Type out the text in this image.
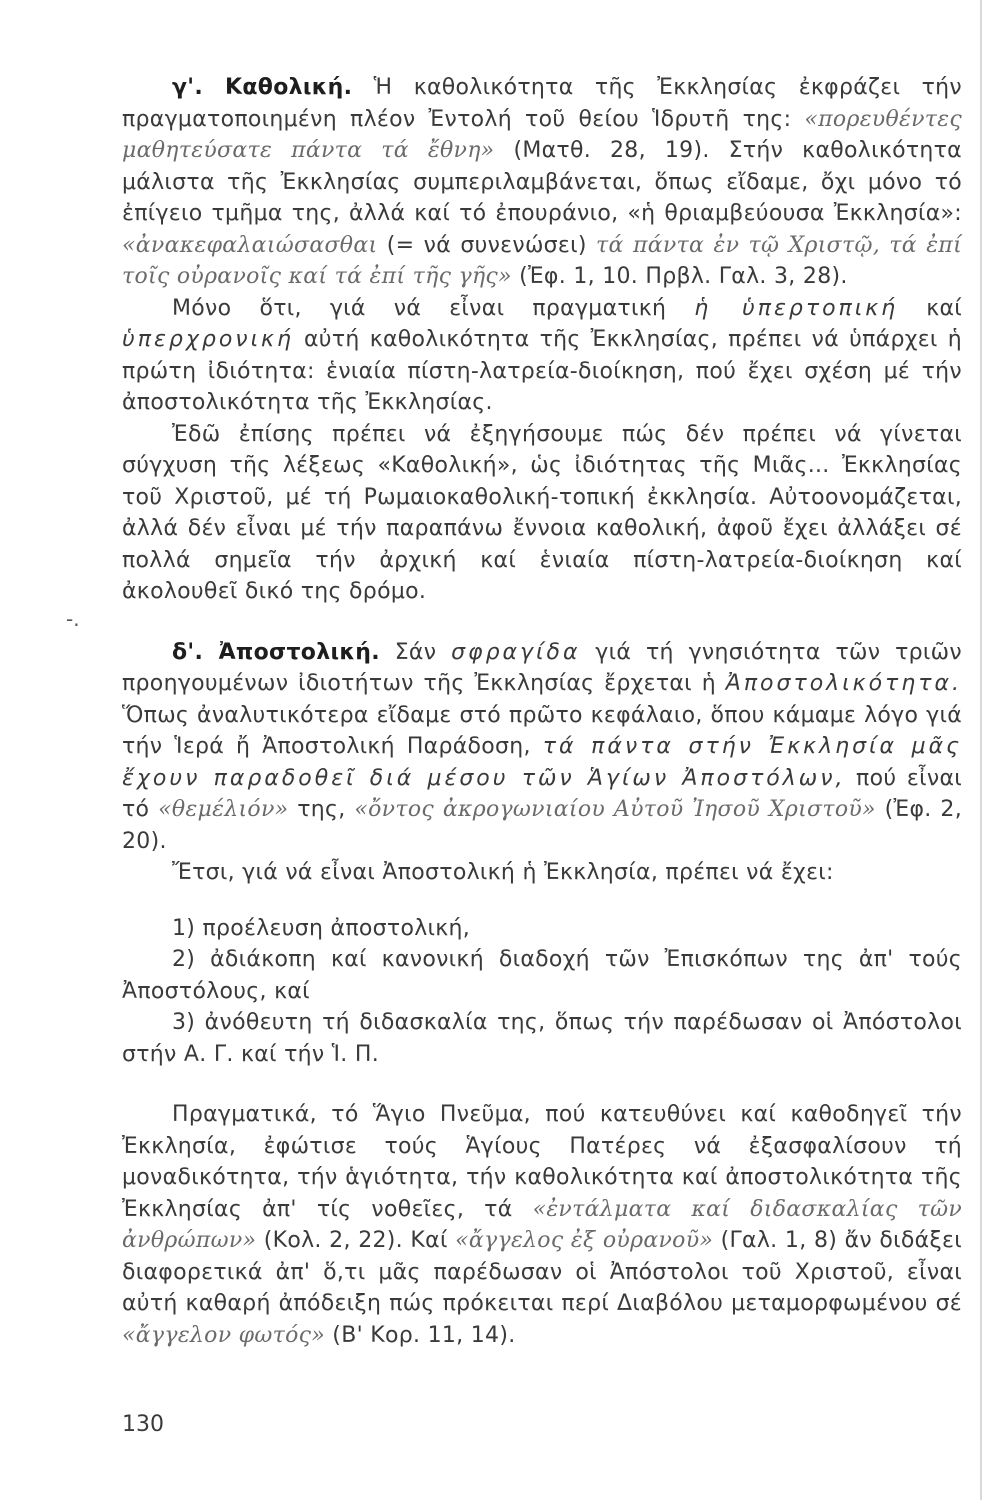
γ'. Καθολική. Ἡ καθολικότητα τῆς Ἐκκλησίας ἐκφράζει τήν πραγματοποιημένη πλέον Ἐντολή τοῦ θείου Ἱδρυτῆ της: «πορευθέντες μαθητεύσατε πάντα τά ἔθνη» (Ματθ. 28, 19). Στήν καθολικότητα μάλιστα τῆς Ἐκκλησίας συμπεριλαμβάνεται, ὅπως εἴδαμε, ὄχι μόνο τό ἐπίγειο τμῆμα της, ἀλλά καί τό ἐπουράνιο, «ἡ θριαμβεύουσα Ἐκκλησία»: «ἀνακεφαλαιώσασθαι (= νά συνενώσει) τά πάντα ἐν τῷ Χριστῷ, τά ἐπί τοῖς οὐρανοῖς καί τά ἐπί τῆς γῆς» (Ἐφ. 1, 10. Πρβλ. Γαλ. 3, 28).

Μόνο ὅτι, γιά νά εἶναι πραγματική ἡ ὑπερτοπική καί ὑπερχρονική αὐτή καθολικότητα τῆς Ἐκκλησίας, πρέπει νά ὑπάρχει ἡ πρώτη ἰδιότητα: ἑνιαία πίστη-λατρεία-διοίκηση, πού ἔχει σχέση μέ τήν ἀποστολικότητα τῆς Ἐκκλησίας.

Ἐδῶ ἐπίσης πρέπει νά ἐξηγήσουμε πώς δέν πρέπει νά γίνεται σύγχυση τῆς λέξεως «Καθολική», ὡς ἰδιότητας τῆς Μιᾶς... Ἐκκλησίας τοῦ Χριστοῦ, μέ τή Ρωμαιοκαθολική-τοπική ἐκκλησία. Αὐτοονομάζεται, ἀλλά δέν εἶναι μέ τήν παραπάνω ἔννοια καθολική, ἀφοῦ ἔχει ἀλλάξει σέ πολλά σημεῖα τήν ἀρχική καί ἑνιαία πίστη-λατρεία-διοίκηση καί ἀκολουθεῖ δικό της δρόμο.

δ'. Ἀποστολική. Σάν σφραγίδα γιά τή γνησιότητα τῶν τριῶν προηγουμένων ἰδιοτήτων τῆς Ἐκκλησίας ἔρχεται ἡ Ἀποστολικότητα. Ὅπως ἀναλυτικότερα εἴδαμε στό πρῶτο κεφάλαιο, ὅπου κάμαμε λόγο γιά τήν Ἱερά ἤ Ἀποστολική Παράδοση, τά πάντα στήν Ἐκκλησία μᾶς ἔχουν παραδοθεῖ διά μέσου τῶν Ἁγίων Ἀποστόλων, πού εἶναι τό «θεμέλιόν» της, «ὄντος ἀκρογωνιαίου Αὐτοῦ Ἰησοῦ Χριστοῦ» (Ἐφ. 2, 20).

Ἔτσι, γιά νά εἶναι Ἀποστολική ἡ Ἐκκλησία, πρέπει νά ἔχει:

1) προέλευση ἀποστολική,

2) ἀδιάκοπη καί κανονική διαδοχή τῶν Ἐπισκόπων της ἀπ' τούς Ἀποστόλους, καί

3) ἀνόθευτη τή διδασκαλία της, ὅπως τήν παρέδωσαν οἱ Ἀπόστολοι στήν Α. Γ. καί τήν Ἱ. Π.

Πραγματικά, τό Ἅγιο Πνεῦμα, πού κατευθύνει καί καθοδηγεῖ τήν Ἐκκλησία, ἐφώτισε τούς Ἁγίους Πατέρες νά ἐξασφαλίσουν τή μοναδικότητα, τήν ἁγιότητα, τήν καθολικότητα καί ἀποστολικότητα τῆς Ἐκκλησίας ἀπ' τίς νοθεῖες, τά «ἐντάλματα καί διδασκαλίας τῶν ἀνθρώπων» (Κολ. 2, 22). Καί «ἄγγελος ἐξ οὐρανοῦ» (Γαλ. 1, 8) ἄν διδάξει διαφορετικά ἀπ' ὅ,τι μᾶς παρέδωσαν οἱ Ἀπόστολοι τοῦ Χριστοῦ, εἶναι αὐτή καθαρή ἀπόδειξη πώς πρόκειται περί Διαβόλου μεταμορφωμένου σέ «ἄγγελον φωτός» (Β' Κορ. 11, 14).

-.
130
